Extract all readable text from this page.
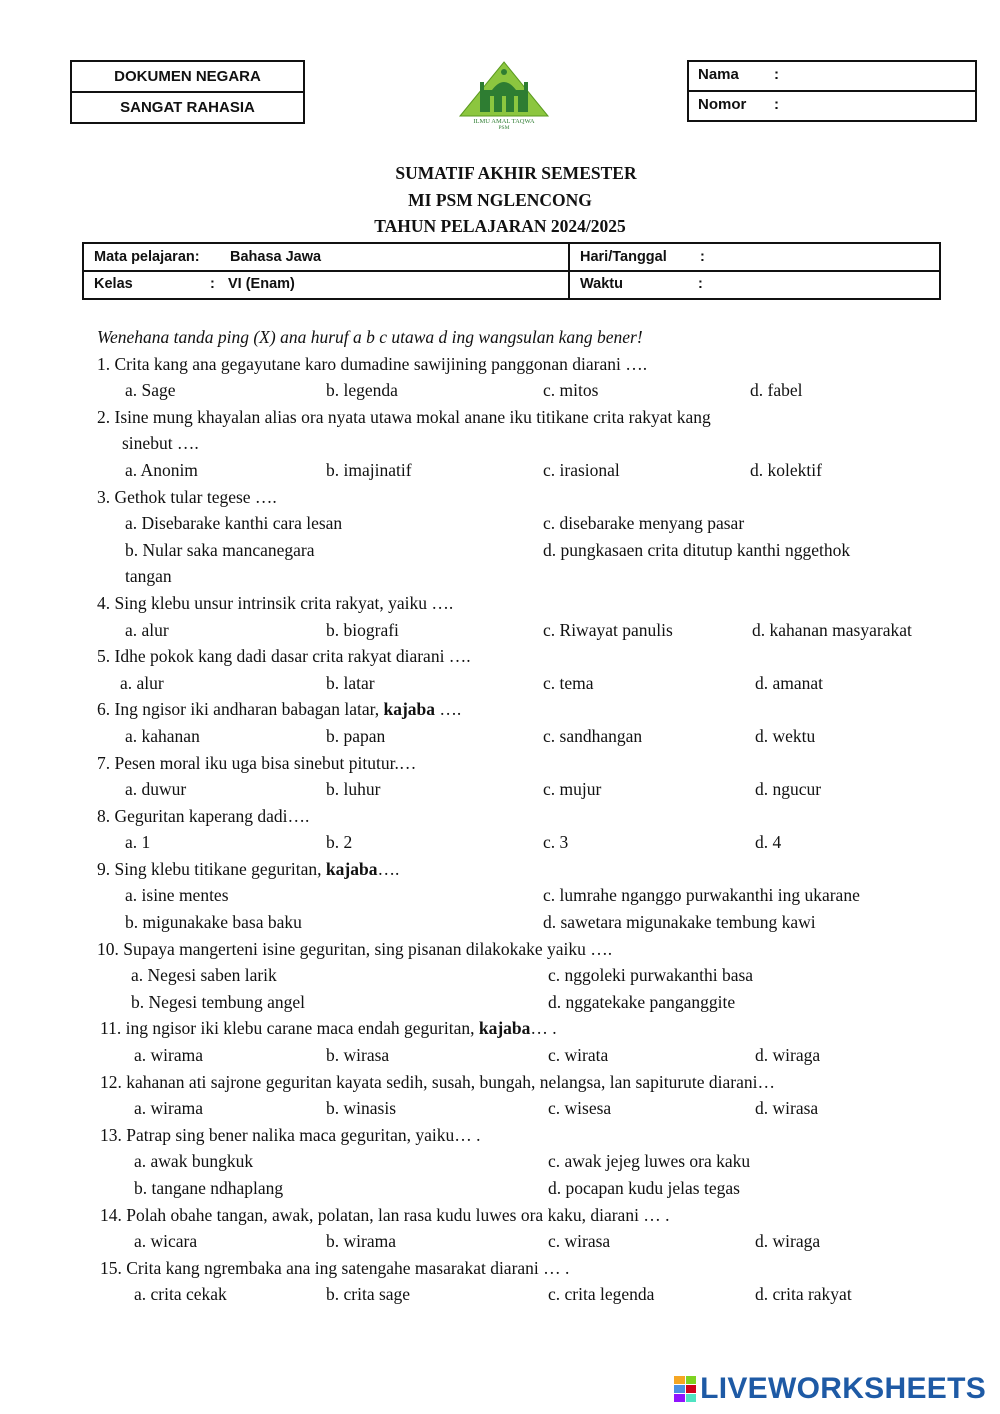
DOKUMEN NEGARA
SANGAT RAHASIA
ILMU AMAL TAQWA
PSM
Nama :
Nomor :
SUMATIF AKHIR SEMESTER
MI PSM NGLENCONG
TAHUN PELAJARAN 2024/2025
Mata pelajaran: Bahasa Jawa	Hari/Tanggal :
Kelas	: VI (Enam)	Waktu	:
Wenehana tanda ping (X) ana huruf a b c utawa d ing wangsulan kang bener!
1. Crita kang ana gegayutane karo dumadine sawijining panggonan diarani ….
a. Sage	b. legenda	c. mitos	d. fabel
2. Isine mung khayalan alias ora nyata utawa mokal anane iku titikane crita rakyat kang
sinebut ….
a. Anonim	b. imajinatif	c. irasional	d. kolektif
3. Gethok tular tegese ….
a. Disebarake kanthi cara lesan	c. disebarake menyang pasar
b. Nular saka mancanegara	d. pungkasaen crita ditutup kanthi nggethok
tangan
4. Sing klebu unsur intrinsik crita rakyat, yaiku ….
a. alur	b. biografi	c. Riwayat panulis	d. kahanan masyarakat
5. Idhe pokok kang dadi dasar crita rakyat diarani ….
a. alur	b. latar	c. tema	d. amanat
6. Ing ngisor iki andharan babagan latar, kajaba ….
a. kahanan	b. papan	c. sandhangan	d. wektu
7. Pesen moral iku uga bisa sinebut pitutur.…
a. duwur	b. luhur	c. mujur	d. ngucur
8. Geguritan kaperang dadi….
a. 1	b. 2	c. 3	d. 4
9. Sing klebu titikane geguritan, kajaba….
a. isine mentes	c. lumrahe nganggo purwakanthi ing ukarane
b. migunakake basa baku	d. sawetara migunakake tembung kawi
10. Supaya mangerteni isine geguritan, sing pisanan dilakokake yaiku ….
a. Negesi saben larik	c. nggoleki purwakanthi basa
b. Negesi tembung angel	d. nggatekake panganggite
11. ing ngisor iki klebu carane maca endah geguritan, kajaba… .
a. wirama	b. wirasa	c. wirata	d. wiraga
12. kahanan ati sajrone geguritan kayata sedih, susah, bungah, nelangsa, lan sapiturute diarani…
a. wirama	b. winasis	c. wisesa	d. wirasa
13. Patrap sing bener nalika maca geguritan, yaiku… .
a. awak bungkuk	c. awak jejeg luwes ora kaku
b. tangane ndhaplang	d. pocapan kudu jelas tegas
14. Polah obahe tangan, awak, polatan, lan rasa kudu luwes ora kaku, diarani … .
a. wicara	b. wirama	c. wirasa	d. wiraga
15. Crita kang ngrembaka ana ing satengahe masarakat diarani … .
a. crita cekak	b. crita sage	c. crita legenda	d. crita rakyat
LIVEWORKSHEETS
